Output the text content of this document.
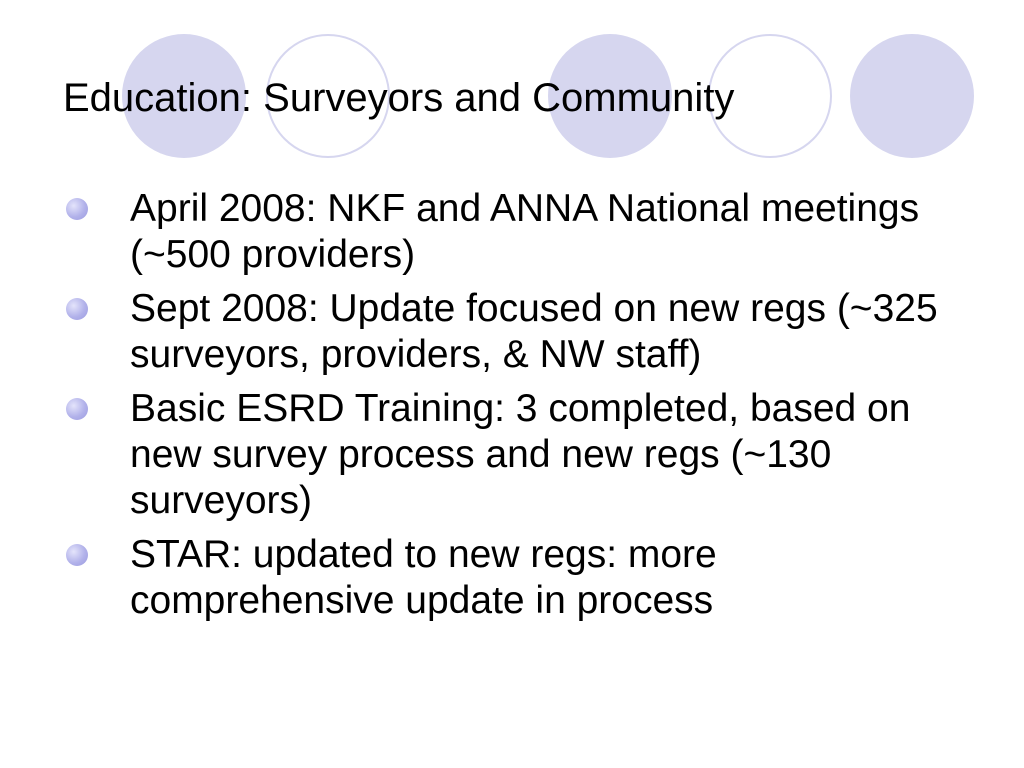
Education: Surveyors and Community
April 2008: NKF and ANNA National meetings (~500 providers)
Sept 2008: Update focused on new regs (~325 surveyors, providers, & NW staff)
Basic ESRD Training: 3 completed, based on new survey process and new regs (~130 surveyors)
STAR: updated to new regs: more comprehensive update in process
